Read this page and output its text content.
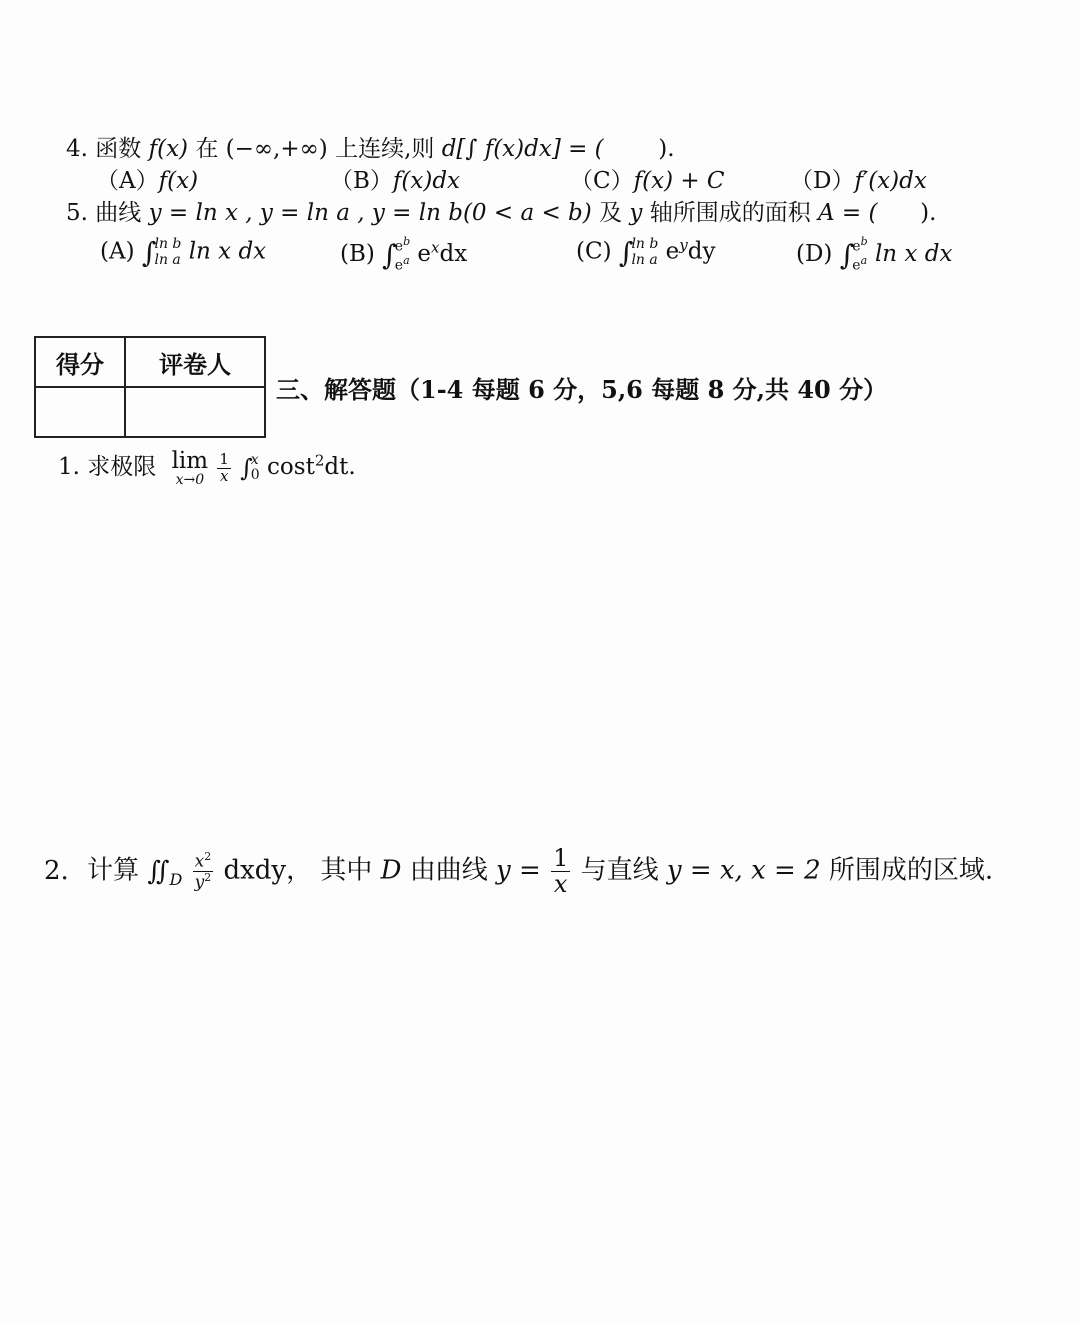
4. 函数 f(x) 在 (−∞,+∞) 上连续,则 d[∫ f(x)dx] = ( ).
（A）f(x)	（B）f(x)dx	（C）f(x) + C	（D）f′(x)dx
5. 曲线 y = ln x , y = ln a , y = ln b(0 < a < b) 及 y 轴所围成的面积 A = ( ).
(A) ∫
ln b
ln a ln x dx	(B) ∫
$e^b$
$e^a$ $e^xdx$	(C) ∫
ln b
ln a $e^ydy$	(D) ∫
$e^b$
$e^a$ ln x dx
得分	评卷人

三、解答题（1-4 每题 6 分，5,6 每题 8 分,共 40 分）
1. 求极限 lim
x→0
$\frac{1}{x}$ ∫
x
0 cost$^2$dt.
2. 计算 $∬_D \frac{x^2}{y^2}$ dxdy， 其中 D 由曲线 $y = \frac{1}{x}$ 与直线 y = x, x = 2 所围成的区域.
